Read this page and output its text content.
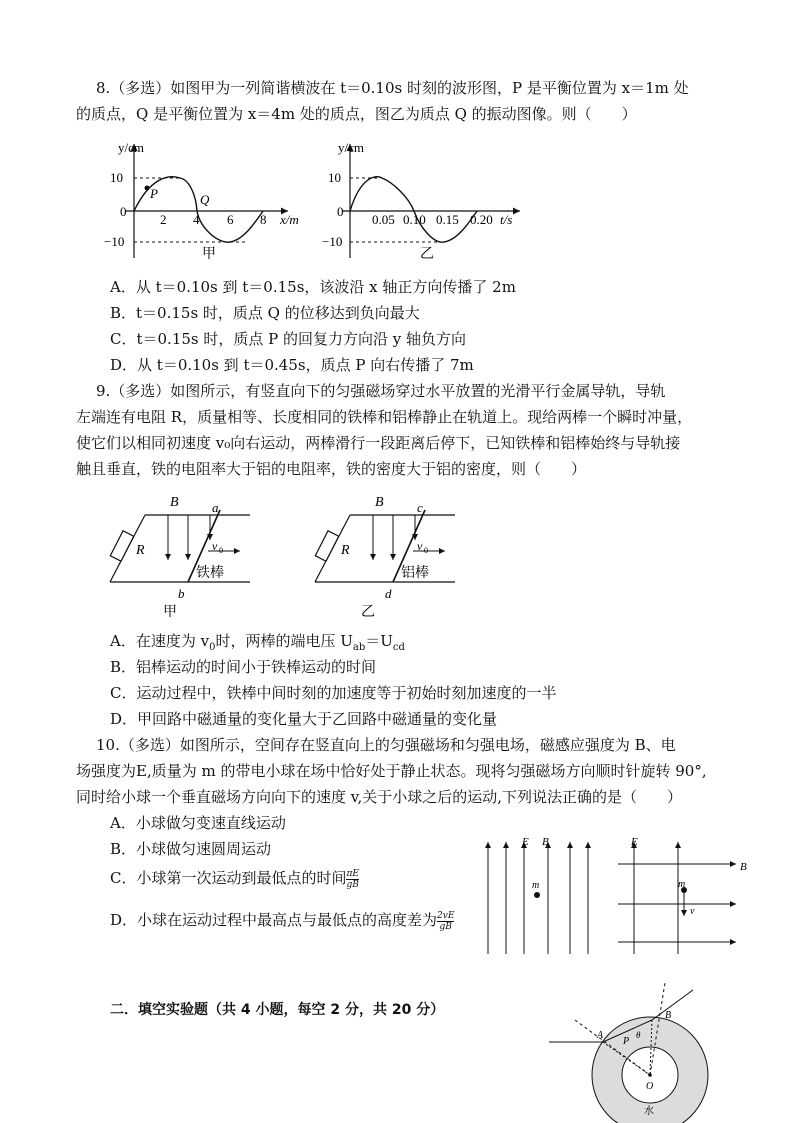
8.（多选）如图甲为一列简谐横波在 t＝0.10s 时刻的波形图，P 是平衡位置为 x＝1m 处
的质点，Q 是平衡位置为 x＝4m 处的质点，图乙为质点 Q 的振动图像。则（　　）
y/cm
10
−10
0
2 4 6 8 x/m
P	Q
甲
y/cm
10
−10
0
0.05 0.10 0.15 0.20 t/s
乙
A．从 t＝0.10s 到 t＝0.15s，该波沿 x 轴正方向传播了 2m
B．t＝0.15s 时，质点 Q 的位移达到负向最大
C．t＝0.15s 时，质点 P 的回复力方向沿 y 轴负方向
D．从 t＝0.10s 到 t＝0.45s，质点 P 向右传播了 7m
9.（多选）如图所示，有竖直向下的匀强磁场穿过水平放置的光滑平行金属导轨，导轨
左端连有电阻 R，质量相等、长度相同的铁棒和铝棒静止在轨道上。现给两棒一个瞬时冲量，
使它们以相同初速度 v₀向右运动，两棒滑行一段距离后停下，已知铁棒和铝棒始终与导轨接
触且垂直，铁的电阻率大于铝的电阻率，铁的密度大于铝的密度，则（　　）
B
R
a
b
v 0
铁棒
甲
B
R
c
d
v 0
铝棒
乙
A．在速度为 $v_0$时，两棒的端电压 $U_{ab}=U_{cd}$
B．铝棒运动的时间小于铁棒运动的时间
C．运动过程中，铁棒中间时刻的加速度等于初始时刻加速度的一半
D．甲回路中磁通量的变化量大于乙回路中磁通量的变化量
10.（多选）如图所示，空间存在竖直向上的匀强磁场和匀强电场，磁感应强度为 B、电
场强度为E,质量为 m 的带电小球在场中恰好处于静止状态。现将匀强磁场方向顺时针旋转 90°,
同时给小球一个垂直磁场方向向下的速度 v,关于小球之后的运动,下列说法正确的是（　　）
A．小球做匀变速直线运动
B．小球做匀速圆周运动
C．小球第一次运动到最低点的时间 $\frac{\pi E}{gB}$
D．小球在运动过程中最高点与最低点的高度差为 $\frac{2vE}{gB}$
E B
m
E
B
m
v
二．填空实验题（共 4 小题，每空 2 分，共 20 分）
A
B
P
θ
O
水
